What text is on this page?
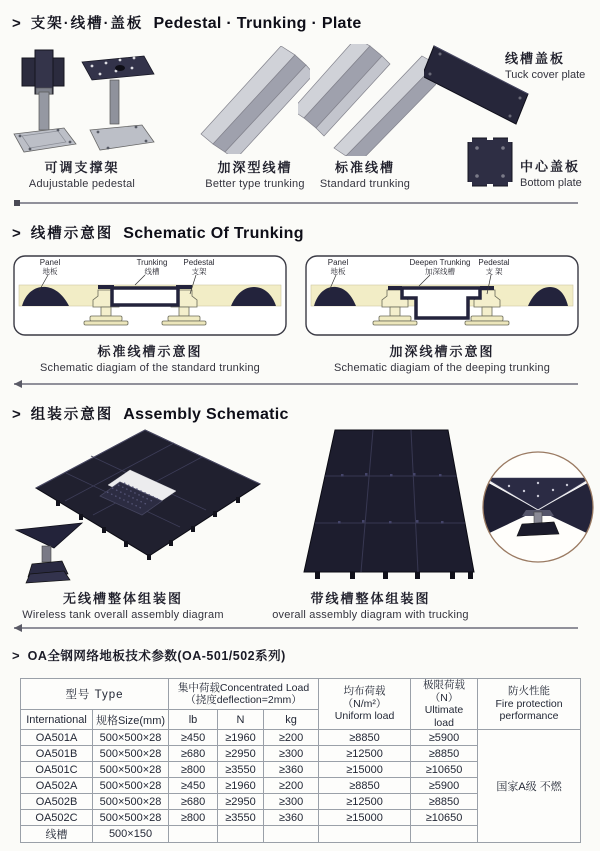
> 支架·线槽·盖板 Pedestal · Trunking · Plate
可调支撑架
Adujustable pedestal
加深型线槽
Better type trunking
标准线槽
Standard trunking
线槽盖板
Tuck cover plate
中心盖板
Bottom plate
> 线槽示意图 Schematic Of Trunking
Panel
地板
Trunking
线槽
Pedestal
支架
标准线槽示意图
Schematic diagiam of the standard trunking
Panel
地板
Deepen Trunking
加深线槽
Pedestal
支 架
加深线槽示意图
Schematic diagiam of the deeping trunking
> 组装示意图 Assembly Schematic
无线槽整体组装图
Wireless tank overall assembly diagram
带线槽整体组装图
overall assembly diagram with trucking
> OA全钢网络地板技术参数(OA-501/502系列)
型号 Type	
集中荷载Concentrated Load
（挠度deflection=2mm）

均布荷载
（N/m²）
Uniform load

极限荷载
（N）
Ultimate
load

防火性能
Fire protection
performance

International	规格Size(mm)	lb	N	kg			
OA501A	500×500×28	≥450	≥1960	≥200	≥8850	≥5900	国家A级 不燃
OA501B	500×500×28	≥680	≥2950	≥300	≥12500	≥8850	
OA501C	500×500×28	≥800	≥3550	≥360	≥15000	≥10650	
OA502A	500×500×28	≥450	≥1960	≥200	≥8850	≥5900	
OA502B	500×500×28	≥680	≥2950	≥300	≥12500	≥8850	
OA502C	500×500×28	≥800	≥3550	≥360	≥15000	≥10650	
线槽	500×150						
